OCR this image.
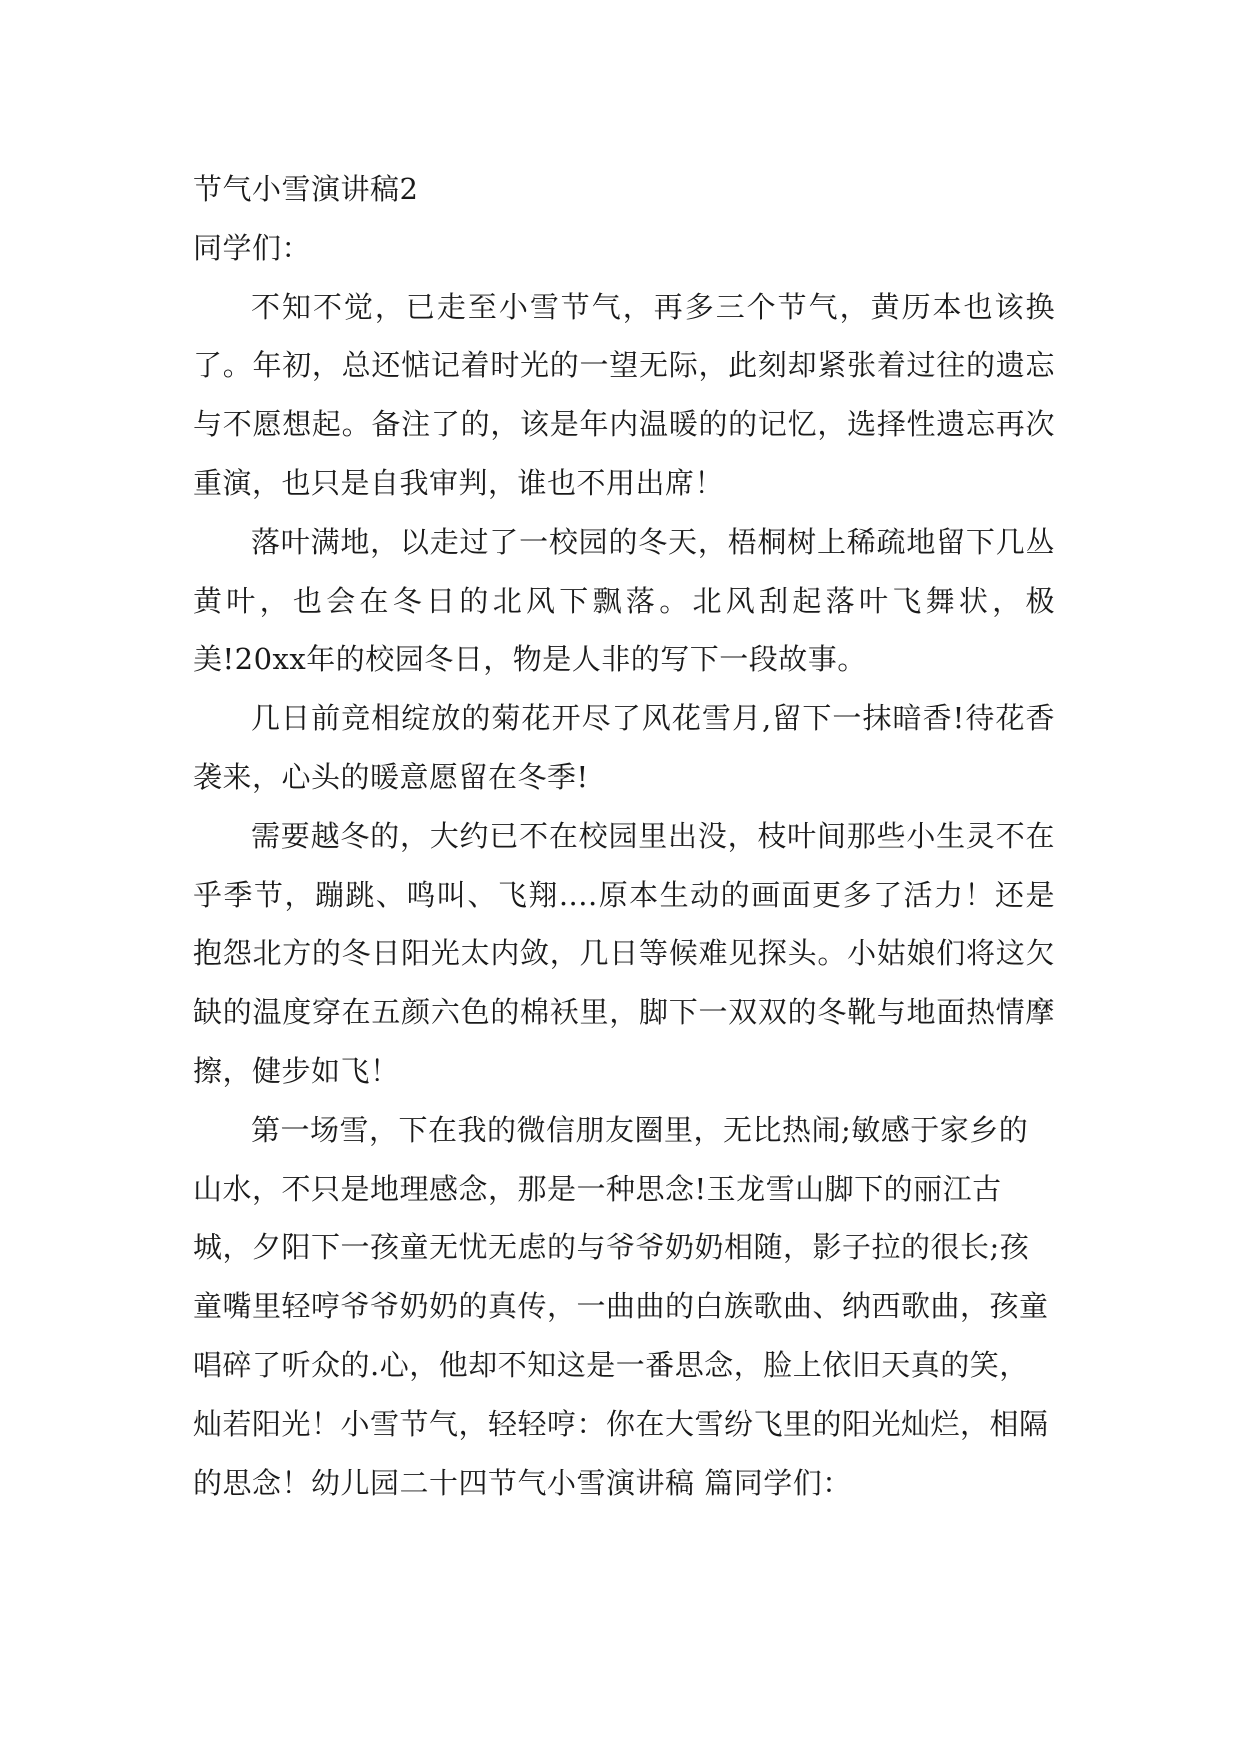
节气小雪演讲稿2

同学们：

不知不觉，已走至小雪节气，再多三个节气，黄历本也该换了。年初，总还惦记着时光的一望无际，此刻却紧张着过往的遗忘与不愿想起。备注了的，该是年内温暖的的记忆，选择性遗忘再次重演，也只是自我审判，谁也不用出席！

落叶满地，以走过了一校园的冬天，梧桐树上稀疏地留下几丛黄叶，也会在冬日的北风下飘落。北风刮起落叶飞舞状，极美!20xx年的校园冬日，物是人非的写下一段故事。

几日前竞相绽放的菊花开尽了风花雪月,留下一抹暗香!待花香袭来，心头的暖意愿留在冬季!

需要越冬的，大约已不在校园里出没，枝叶间那些小生灵不在乎季节，蹦跳、鸣叫、飞翔....原本生动的画面更多了活力！还是抱怨北方的冬日阳光太内敛，几日等候难见探头。小姑娘们将这欠缺的温度穿在五颜六色的棉袄里，脚下一双双的冬靴与地面热情摩擦，健步如飞！

第一场雪，下在我的微信朋友圈里，无比热闹;敏感于家乡的山水，不只是地理感念，那是一种思念!玉龙雪山脚下的丽江古城，夕阳下一孩童无忧无虑的与爷爷奶奶相随，影子拉的很长;孩童嘴里轻哼爷爷奶奶的真传，一曲曲的白族歌曲、纳西歌曲，孩童唱碎了听众的.心，他却不知这是一番思念，脸上依旧天真的笑，灿若阳光！小雪节气，轻轻哼：你在大雪纷飞里的阳光灿烂，相隔的思念！幼儿园二十四节气小雪演讲稿 篇同学们：
